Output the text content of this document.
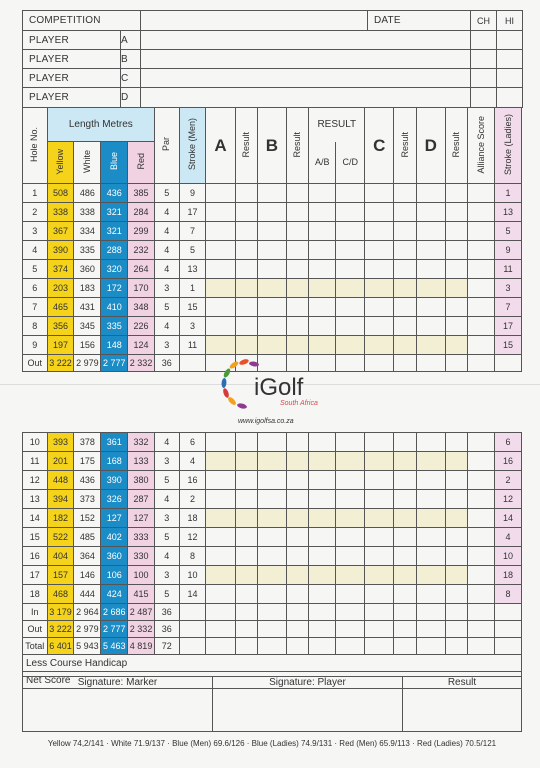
COMPETITION			DATE	CH	HI
PLAYER	A				
PLAYER	B				
PLAYER	C				
PLAYER	D				
Hole No.	Length Metres				Par	Stroke (Men)	A	Result	B	Result	RESULT		C	Result	D	Result	Alliance Score	Stroke (Ladies)
	Yellow	White	Blue	Red							A/B	C/D						
1	508	486	436	385	5	9												1
2	338	338	321	284	4	17												13
3	367	334	321	299	4	7												5
4	390	335	288	232	4	5												9
5	374	360	320	264	4	13												11
6	203	183	172	170	3	1												3
7	465	431	410	348	5	15												7
8	356	345	335	226	4	3												17
9	197	156	148	124	3	11												15
Out	3 222	2 979	2 777	2 332	36													
iGolf
South Africa
www.igolfsa.co.za
10	393	378	361	332	4	6												6
11	201	175	168	133	3	4												16
12	448	436	390	380	5	16												2
13	394	373	326	287	4	2												12
14	182	152	127	127	3	18												14
15	522	485	402	333	5	12												4
16	404	364	360	330	4	8												10
17	157	146	106	100	3	10												18
18	468	444	424	415	5	14												8
In	3 179	2 964	2 686	2 487	36													
Out	3 222	2 979	2 777	2 332	36													
Total	6 401	5 943	5 463	4 819	72													
Less Course Handicap																		
Net Score																		Signature: Marker	Signature: Player	Result
Yellow 74,2/141 · White 71.9/137 · Blue (Men) 69.6/126 · Blue (Ladies) 74.9/131 · Red (Men) 65.9/113 · Red (Ladies) 70.5/121
